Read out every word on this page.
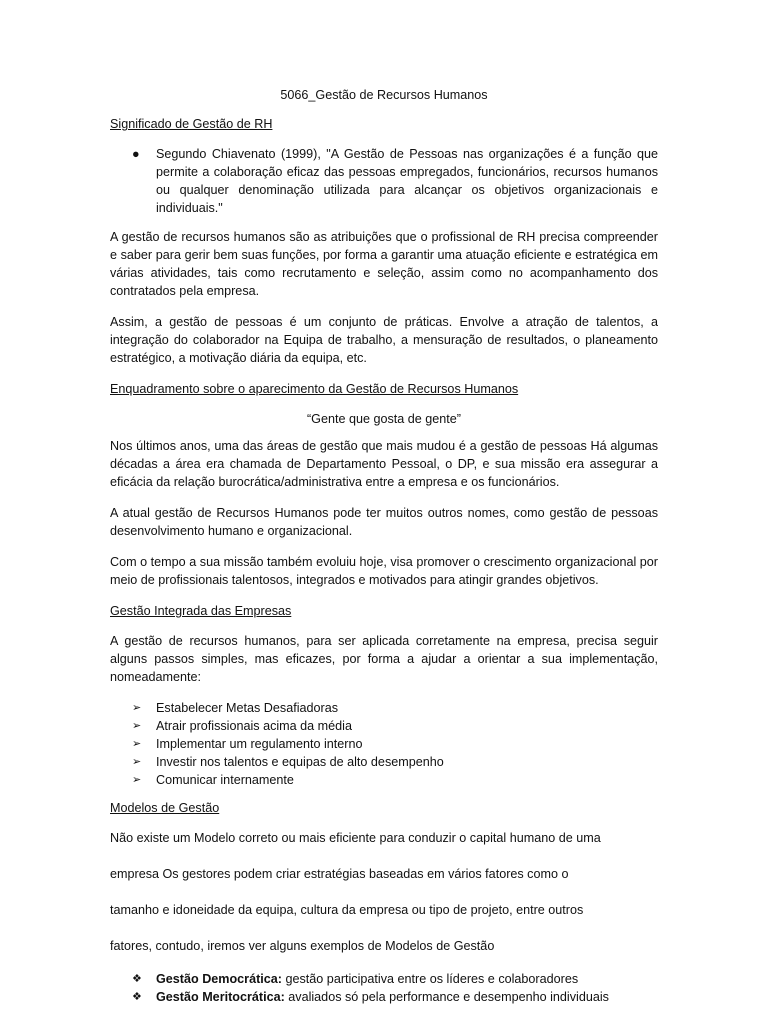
5066_Gestão de Recursos Humanos
Significado de Gestão de RH
● Segundo Chiavenato (1999), "A Gestão de Pessoas nas organizações é a função que permite a colaboração eficaz das pessoas empregados, funcionários, recursos humanos ou qualquer denominação utilizada para alcançar os objetivos organizacionais e individuais."

A gestão de recursos humanos são as atribuições que o profissional de RH precisa compreender e saber para gerir bem suas funções, por forma a garantir uma atuação eficiente e estratégica em várias atividades, tais como recrutamento e seleção, assim como no acompanhamento dos contratados pela empresa.

Assim, a gestão de pessoas é um conjunto de práticas. Envolve a atração de talentos, a integração do colaborador na Equipa de trabalho, a mensuração de resultados, o planeamento estratégico, a motivação diária da equipa, etc.

Enquadramento sobre o aparecimento da Gestão de Recursos Humanos
“Gente que gosta de gente”

Nos últimos anos, uma das áreas de gestão que mais mudou é a gestão de pessoas Há algumas décadas a área era chamada de Departamento Pessoal, o DP, e sua missão era assegurar a eficácia da relação burocrática/administrativa entre a empresa e os funcionários.

A atual gestão de Recursos Humanos pode ter muitos outros nomes, como gestão de pessoas desenvolvimento humano e organizacional.

Com o tempo a sua missão também evoluiu hoje, visa promover o crescimento organizacional por meio de profissionais talentosos, integrados e motivados para atingir grandes objetivos.

Gestão Integrada das Empresas

A gestão de recursos humanos, para ser aplicada corretamente na empresa, precisa seguir alguns passos simples, mas eficazes, por forma a ajudar a orientar a sua implementação, nomeadamente:

➢ Estabelecer Metas Desafiadoras
➢ Atrair profissionais acima da média
➢ Implementar um regulamento interno
➢ Investir nos talentos e equipas de alto desempenho
➢ Comunicar internamente
Modelos de Gestão
Não existe um Modelo correto ou mais eficiente para conduzir o capital humano de uma
empresa Os gestores podem criar estratégias baseadas em vários fatores como o
tamanho e idoneidade da equipa, cultura da empresa ou tipo de projeto, entre outros
fatores, contudo, iremos ver alguns exemplos de Modelos de Gestão
❖ Gestão Democrática: gestão participativa entre os líderes e colaboradores
❖ Gestão Meritocrática: avaliados só pela performance e desempenho individuais
